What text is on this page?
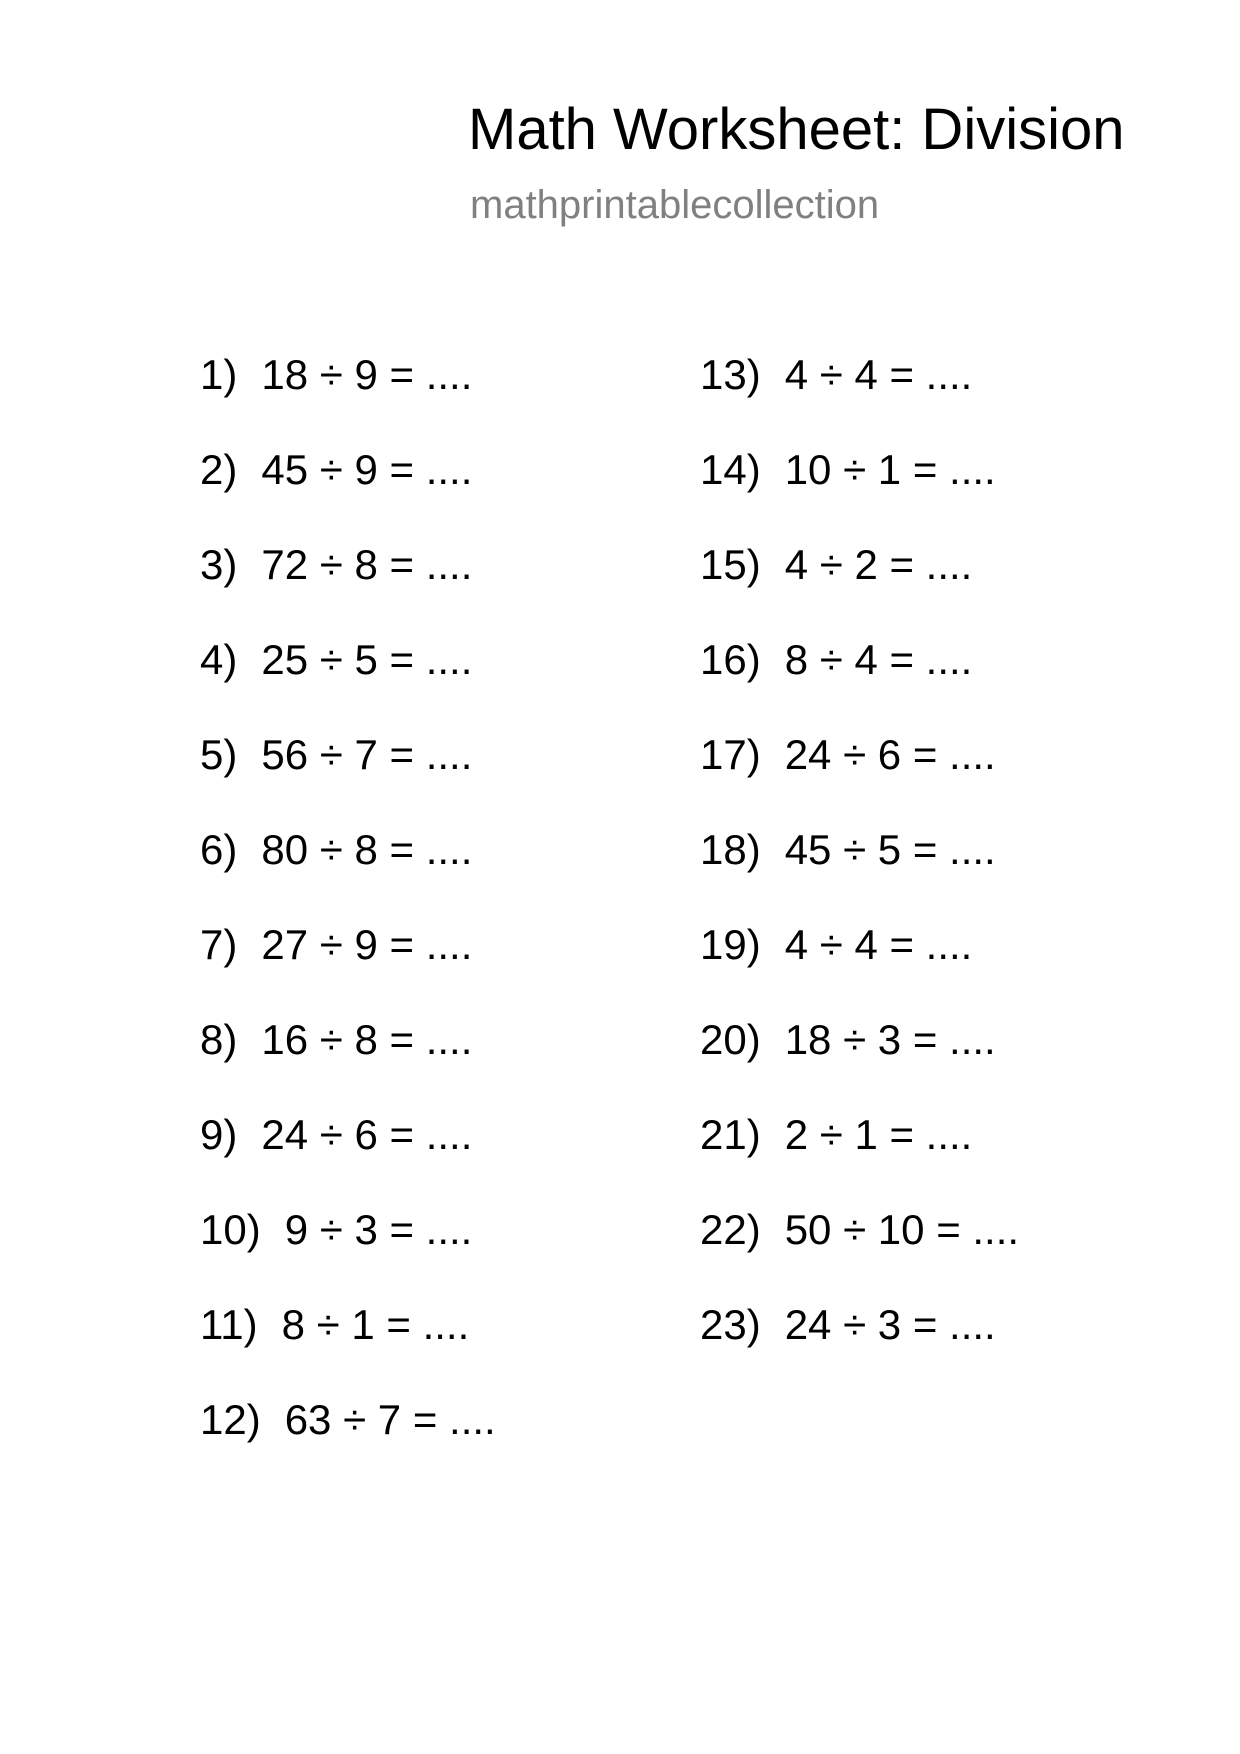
Math Worksheet: Division
mathprintablecollection
1) 18 ÷ 9 = ....
2) 45 ÷ 9 = ....
3) 72 ÷ 8 = ....
4) 25 ÷ 5 = ....
5) 56 ÷ 7 = ....
6) 80 ÷ 8 = ....
7) 27 ÷ 9 = ....
8) 16 ÷ 8 = ....
9) 24 ÷ 6 = ....
10) 9 ÷ 3 = ....
11) 8 ÷ 1 = ....
12) 63 ÷ 7 = ....
13) 4 ÷ 4 = ....
14) 10 ÷ 1 = ....
15) 4 ÷ 2 = ....
16) 8 ÷ 4 = ....
17) 24 ÷ 6 = ....
18) 45 ÷ 5 = ....
19) 4 ÷ 4 = ....
20) 18 ÷ 3 = ....
21) 2 ÷ 1 = ....
22) 50 ÷ 10 = ....
23) 24 ÷ 3 = ....
